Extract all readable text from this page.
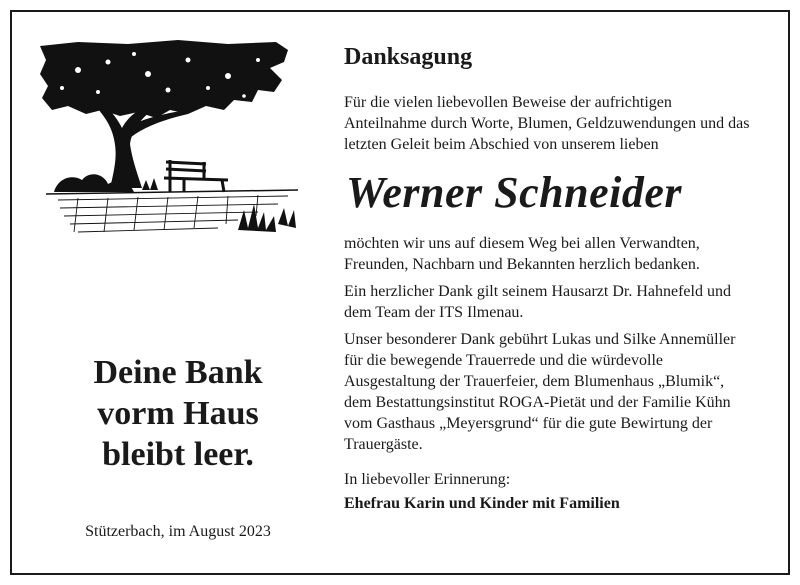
Deine Bank
vorm Haus
bleibt leer.
Stützerbach, im August 2023
Danksagung

Für die vielen liebevollen Beweise der aufrichtigen Anteilnahme durch Worte, Blumen, Geldzuwendungen und das letzten Geleit beim Abschied von unserem lieben

Werner Schneider

möchten wir uns auf diesem Weg bei allen Verwandten, Freunden, Nachbarn und Bekannten herzlich bedanken.

Ein herzlicher Dank gilt seinem Hausarzt Dr. Hahnefeld und dem Team der ITS Ilmenau.

Unser besonderer Dank gebührt Lukas und Silke Annemüller für die bewegende Trauerrede und die würdevolle Ausgestaltung der Trauerfeier, dem Blumenhaus „Blumik“, dem Bestattungsinstitut ROGA-Pietät und der Familie Kühn vom Gasthaus „Meyersgrund“ für die gute Bewirtung der Trauergäste.

In liebevoller Erinnerung:

Ehefrau Karin und Kinder mit Familien
